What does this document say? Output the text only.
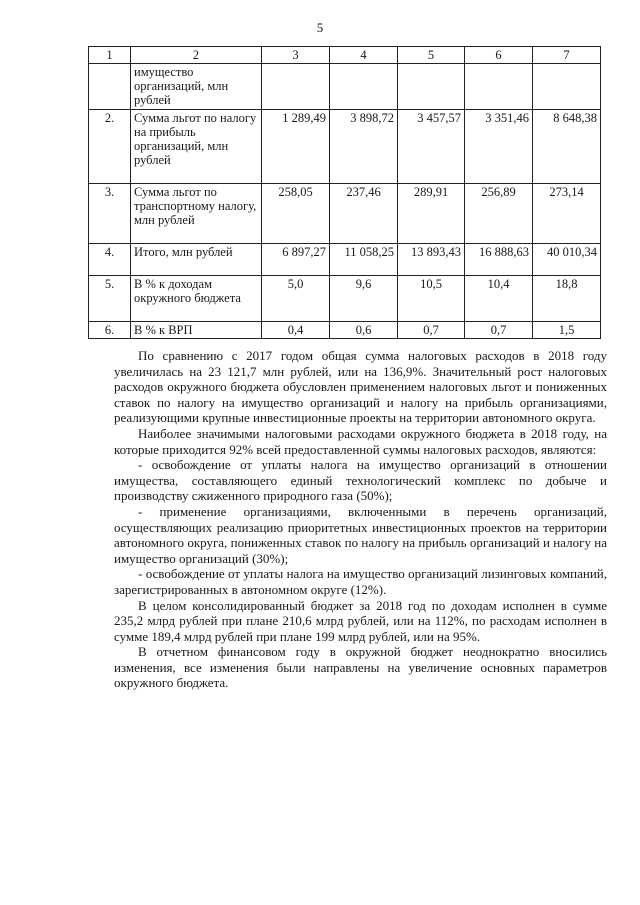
5
1	2	3	4	5	6	7
	имущество организаций, млн рублей					
2.	Сумма льгот по налогу на прибыль организаций, млн рублей	1 289,49	3 898,72	3 457,57	3 351,46	8 648,38
3.	Сумма льгот по транспортному налогу, млн рублей	258,05	237,46	289,91	256,89	273,14
4.	Итого, млн рублей	6 897,27	11 058,25	13 893,43	16 888,63	40 010,34
5.	В % к доходам окружного бюджета	5,0	9,6	10,5	10,4	18,8
6.	В % к ВРП	0,4	0,6	0,7	0,7	1,5

По сравнению с 2017 годом общая сумма налоговых расходов в 2018 году увеличилась на 23 121,7 млн рублей, или на 136,9%. Значительный рост налоговых расходов окружного бюджета обусловлен применением налоговых льгот и пониженных ставок по налогу на имущество организаций и налогу на прибыль организациями, реализующими крупные инвестиционные проекты на территории автономного округа.

Наиболее значимыми налоговыми расходами окружного бюджета в 2018 году, на которые приходится 92% всей предоставленной суммы налоговых расходов, являются:

- освобождение от уплаты налога на имущество организаций в отношении имущества, составляющего единый технологический комплекс по добыче и производству сжиженного природного газа (50%);

- применение организациями, включенными в перечень организаций, осуществляющих реализацию приоритетных инвестиционных проектов на территории автономного округа, пониженных ставок по налогу на прибыль организаций и налогу на имущество организаций (30%);

- освобождение от уплаты налога на имущество организаций лизинговых компаний, зарегистрированных в автономном округе (12%).

В целом консолидированный бюджет за 2018 год по доходам исполнен в сумме 235,2 млрд рублей при плане 210,6 млрд рублей, или на 112%, по расходам исполнен в сумме 189,4 млрд рублей при плане 199 млрд рублей, или на 95%.

В отчетном финансовом году в окружной бюджет неоднократно вносились изменения, все изменения были направлены на увеличение основных параметров окружного бюджета.
